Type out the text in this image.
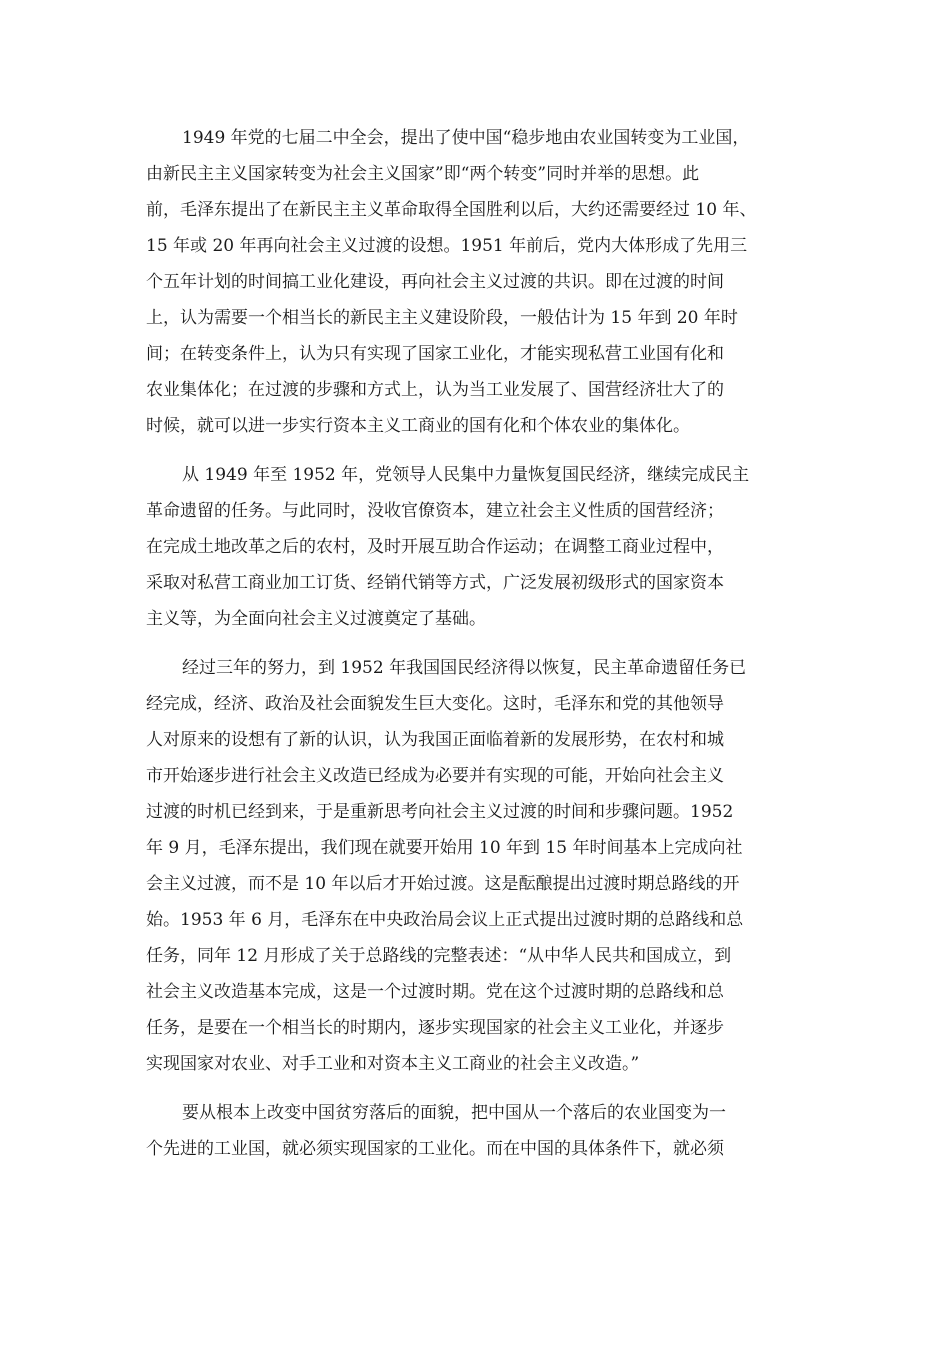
1949 年党的七届二中全会，提出了使中国“稳步地由农业国转变为工业国，
由新民主主义国家转变为社会主义国家”即“两个转变”同时并举的思想。此
前，毛泽东提出了在新民主主义革命取得全国胜利以后，大约还需要经过 10 年、
15 年或 20 年再向社会主义过渡的设想。1951 年前后，党内大体形成了先用三
个五年计划的时间搞工业化建设，再向社会主义过渡的共识。即在过渡的时间
上，认为需要一个相当长的新民主主义建设阶段，一般估计为 15 年到 20 年时
间；在转变条件上，认为只有实现了国家工业化，才能实现私营工业国有化和
农业集体化；在过渡的步骤和方式上，认为当工业发展了、国营经济壮大了的
时候，就可以进一步实行资本主义工商业的国有化和个体农业的集体化。
从 1949 年至 1952 年，党领导人民集中力量恢复国民经济，继续完成民主
革命遗留的任务。与此同时，没收官僚资本，建立社会主义性质的国营经济；
在完成土地改革之后的农村，及时开展互助合作运动；在调整工商业过程中，
采取对私营工商业加工订货、经销代销等方式，广泛发展初级形式的国家资本
主义等，为全面向社会主义过渡奠定了基础。
经过三年的努力，到 1952 年我国国民经济得以恢复，民主革命遗留任务已
经完成，经济、政治及社会面貌发生巨大变化。这时，毛泽东和党的其他领导
人对原来的设想有了新的认识，认为我国正面临着新的发展形势，在农村和城
市开始逐步进行社会主义改造已经成为必要并有实现的可能，开始向社会主义
过渡的时机已经到来，于是重新思考向社会主义过渡的时间和步骤问题。1952
年 9 月，毛泽东提出，我们现在就要开始用 10 年到 15 年时间基本上完成向社
会主义过渡，而不是 10 年以后才开始过渡。这是酝酿提出过渡时期总路线的开
始。1953 年 6 月，毛泽东在中央政治局会议上正式提出过渡时期的总路线和总
任务，同年 12 月形成了关于总路线的完整表述：“从中华人民共和国成立，到
社会主义改造基本完成，这是一个过渡时期。党在这个过渡时期的总路线和总
任务，是要在一个相当长的时期内，逐步实现国家的社会主义工业化，并逐步
实现国家对农业、对手工业和对资本主义工商业的社会主义改造。”
要从根本上改变中国贫穷落后的面貌，把中国从一个落后的农业国变为一
个先进的工业国，就必须实现国家的工业化。而在中国的具体条件下，就必须
